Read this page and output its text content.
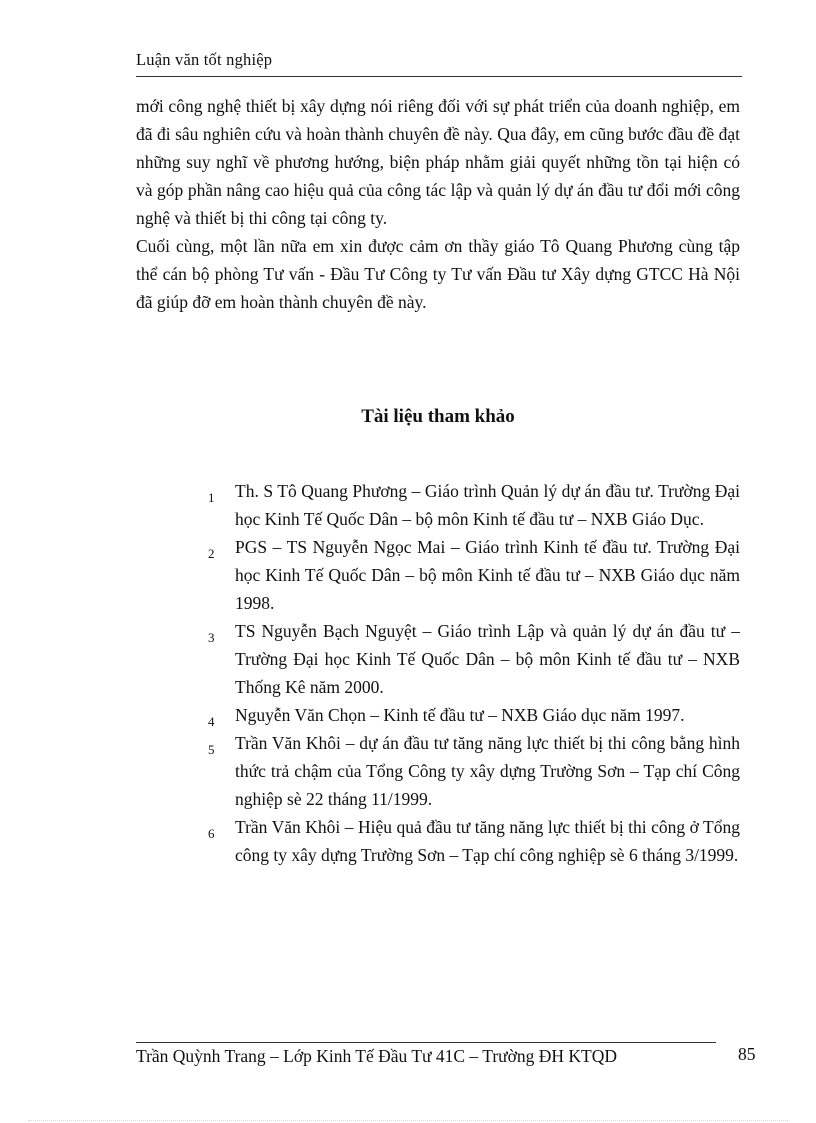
Luận văn tốt nghiệp

mới công nghệ thiết bị xây dựng nói riêng đối với sự phát triển của doanh nghiệp, em đã đi sâu nghiên cứu và hoàn thành chuyên đề này. Qua đây, em cũng bước đầu đề đạt những suy nghĩ về phương hướng, biện pháp nhằm giải quyết những tồn tại hiện có và góp phần nâng cao hiệu quả của công tác lập và quản lý dự án đầu tư đổi mới công nghệ và thiết bị thi công tại công ty.

Cuối cùng, một lần nữa em xin được cảm ơn thầy giáo Tô Quang Phương cùng tập thể cán bộ phòng Tư vấn - Đầu Tư Công ty Tư vấn Đầu tư Xây dựng GTCC Hà Nội đã giúp đỡ em hoàn thành chuyên đề này.

Tài liệu tham khảo
1 Th. S Tô Quang Phương – Giáo trình Quản lý dự án đầu tư. Trường Đại học Kinh Tế Quốc Dân – bộ môn Kinh tế đầu tư – NXB Giáo Dục.
2 PGS – TS Nguyễn Ngọc Mai – Giáo trình Kinh tế đầu tư. Trường Đại học Kinh Tế Quốc Dân – bộ môn Kinh tế đầu tư – NXB Giáo dục năm 1998.
3 TS Nguyễn Bạch Nguyệt – Giáo trình Lập và quản lý dự án đầu tư – Trường Đại học Kinh Tế Quốc Dân – bộ môn Kinh tế đầu tư – NXB Thống Kê năm 2000.
4 Nguyễn Văn Chọn – Kinh tế đầu tư – NXB Giáo dục năm 1997.
5 Trần Văn Khôi – dự án đầu tư tăng năng lực thiết bị thi công bằng hình thức trả chậm của Tổng Công ty xây dựng Trường Sơn – Tạp chí Công nghiệp sè 22 tháng 11/1999.
6 Trần Văn Khôi – Hiệu quả đầu tư tăng năng lực thiết bị thi công ở Tổng công ty xây dựng Trường Sơn – Tạp chí công nghiệp sè 6 tháng 3/1999.
Trần Quỳnh Trang – Lớp Kinh Tế Đầu Tư 41C – Trường ĐH KTQD	85
